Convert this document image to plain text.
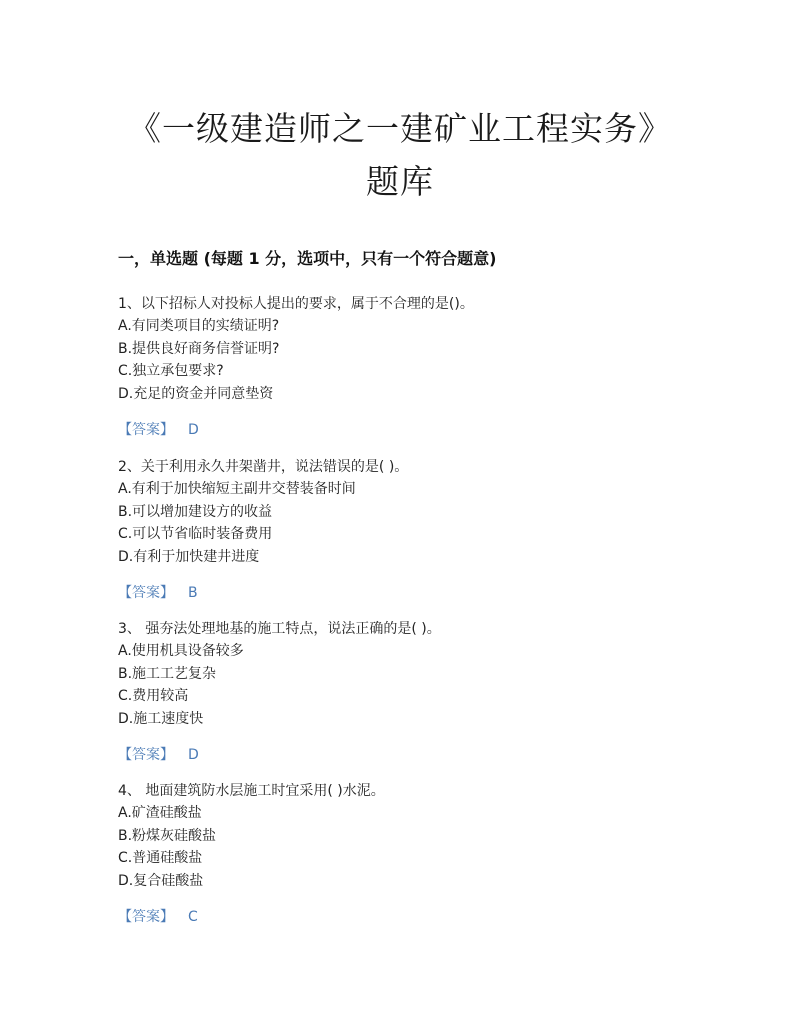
《一级建造师之一建矿业工程实务》
题库
一，单选题 (每题 1 分，选项中，只有一个符合题意)
1、以下招标人对投标人提出的要求，属于不合理的是()。
A.有同类项目的实绩证明?
B.提供良好商务信誉证明?
C.独立承包要求?
D.充足的资金并同意垫资
【答案】 D
2、关于利用永久井架凿井，说法错误的是( )。
A.有利于加快缩短主副井交替装备时间
B.可以增加建设方的收益
C.可以节省临时装备费用
D.有利于加快建井进度
【答案】 B
3、 强夯法处理地基的施工特点，说法正确的是( )。
A.使用机具设备较多
B.施工工艺复杂
C.费用较高
D.施工速度快
【答案】 D
4、 地面建筑防水层施工时宜采用( )水泥。
A.矿渣硅酸盐
B.粉煤灰硅酸盐
C.普通硅酸盐
D.复合硅酸盐
【答案】 C
